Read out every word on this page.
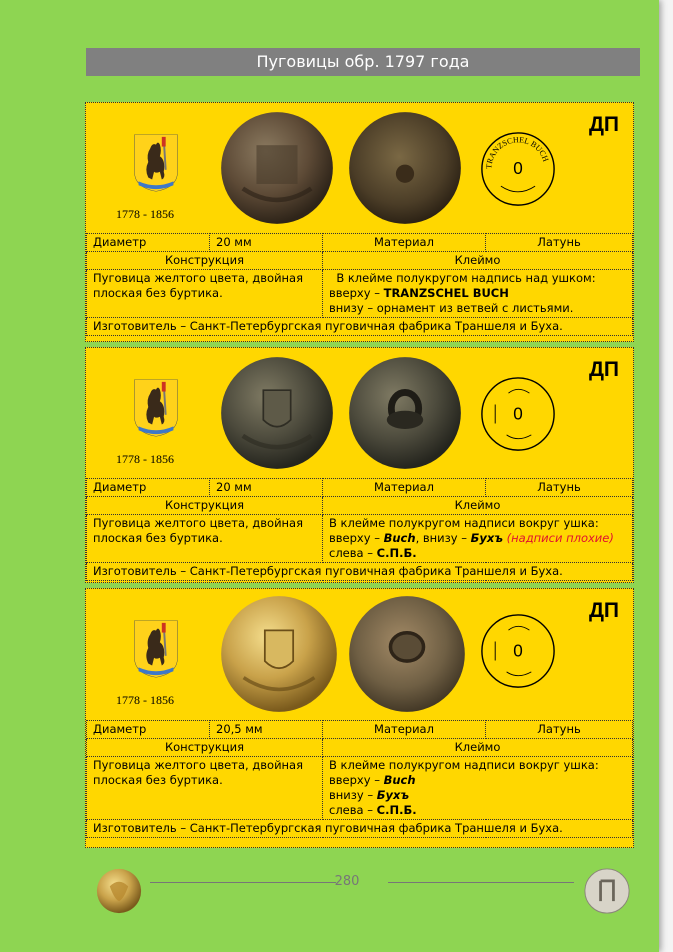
Пуговицы обр. 1797 года
1778 - 1856
TRANZSCHEL BUCH
0
ДП
Диаметр	20 мм	Материал	Латунь
Конструкция		Клеймо	
Пуговица желтого цвета, двойная плоская без буртика.		В клейме полукругом надпись над ушком:
вверху – TRANZSCHEL BUCH
внизу – орнамент из ветвей с листьями.	

Изготовитель – Санкт-Петербургская пуговичная фабрика Траншеля и Буха.			
1778 - 1856
0
ДП
Диаметр	20 мм	Материал	Латунь
Конструкция		Клеймо	
Пуговица желтого цвета, двойная плоская без буртика.		В клейме полукругом надписи вокруг ушка:
вверху – Buch, внизу – Бухъ (надписи плохие)
слева – С.П.Б.	

Изготовитель – Санкт-Петербургская пуговичная фабрика Траншеля и Буха.			
1778 - 1856
0
ДП
Диаметр	20,5 мм	Материал	Латунь
Конструкция		Клеймо	
Пуговица желтого цвета, двойная плоская без буртика.		В клейме полукругом надписи вокруг ушка:
вверху – Buch
внизу – Бухъ
слева – С.П.Б.	

Изготовитель – Санкт-Петербургская пуговичная фабрика Траншеля и Буха.			
280
